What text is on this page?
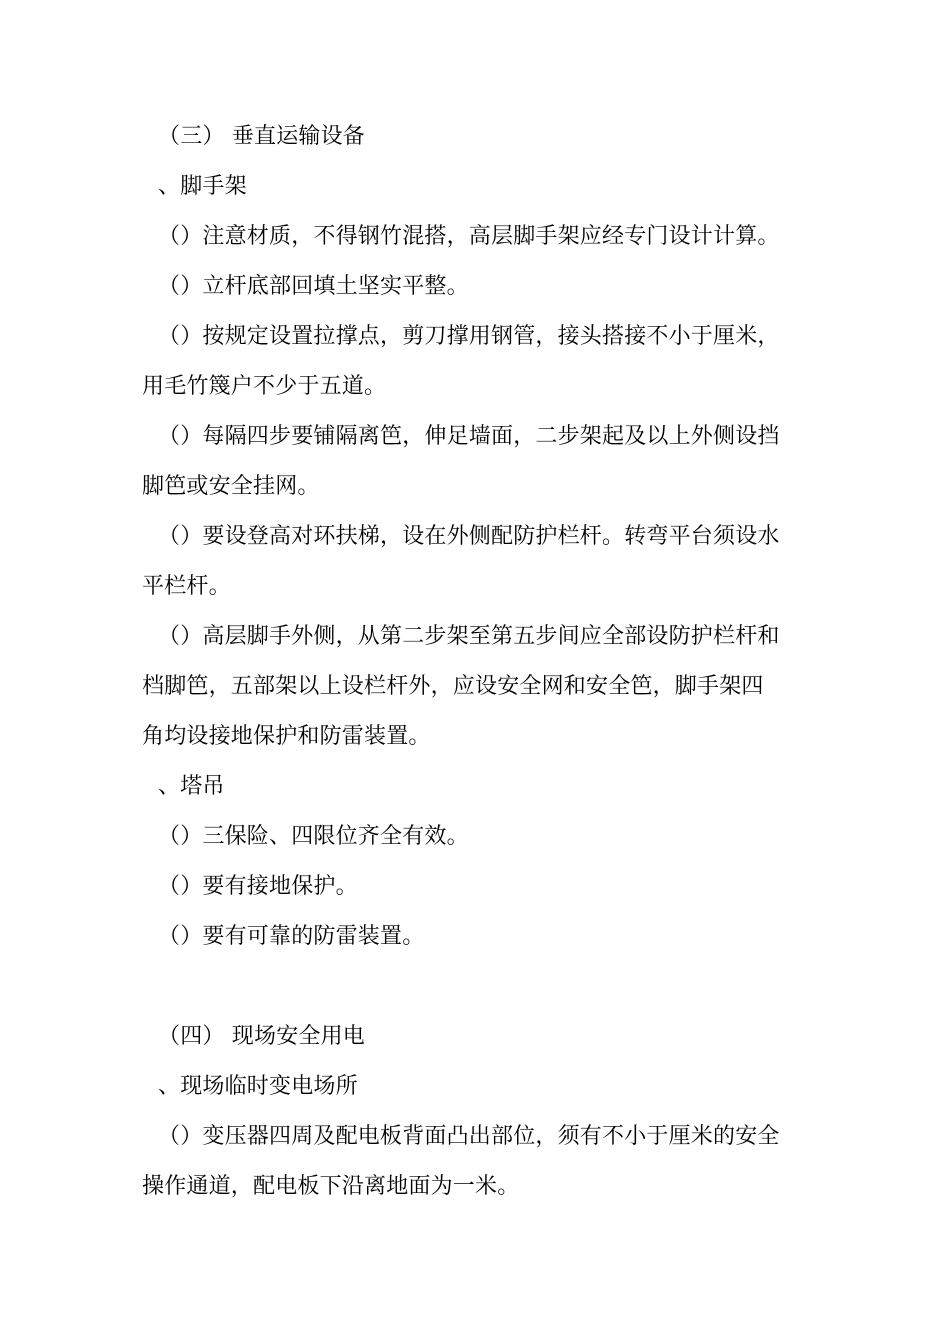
（三） 垂直运输设备
、脚手架
（）注意材质，不得钢竹混搭，高层脚手架应经专门设计计算。
（）立杆底部回填土坚实平整。
（）按规定设置拉撑点，剪刀撑用钢管，接头搭接不小于厘米，
用毛竹篾户不少于五道。
（）每隔四步要铺隔离笆，伸足墙面，二步架起及以上外侧设挡
脚笆或安全挂网。
（）要设登高对环扶梯，设在外侧配防护栏杆。转弯平台须设水
平栏杆。
（）高层脚手外侧，从第二步架至第五步间应全部设防护栏杆和
档脚笆，五部架以上设栏杆外，应设安全网和安全笆，脚手架四
角均设接地保护和防雷装置。
、塔吊
（）三保险、四限位齐全有效。
（）要有接地保护。
（）要有可靠的防雷装置。
（四） 现场安全用电
、现场临时变电场所
（）变压器四周及配电板背面凸出部位，须有不小于厘米的安全
操作通道，配电板下沿离地面为一米。
